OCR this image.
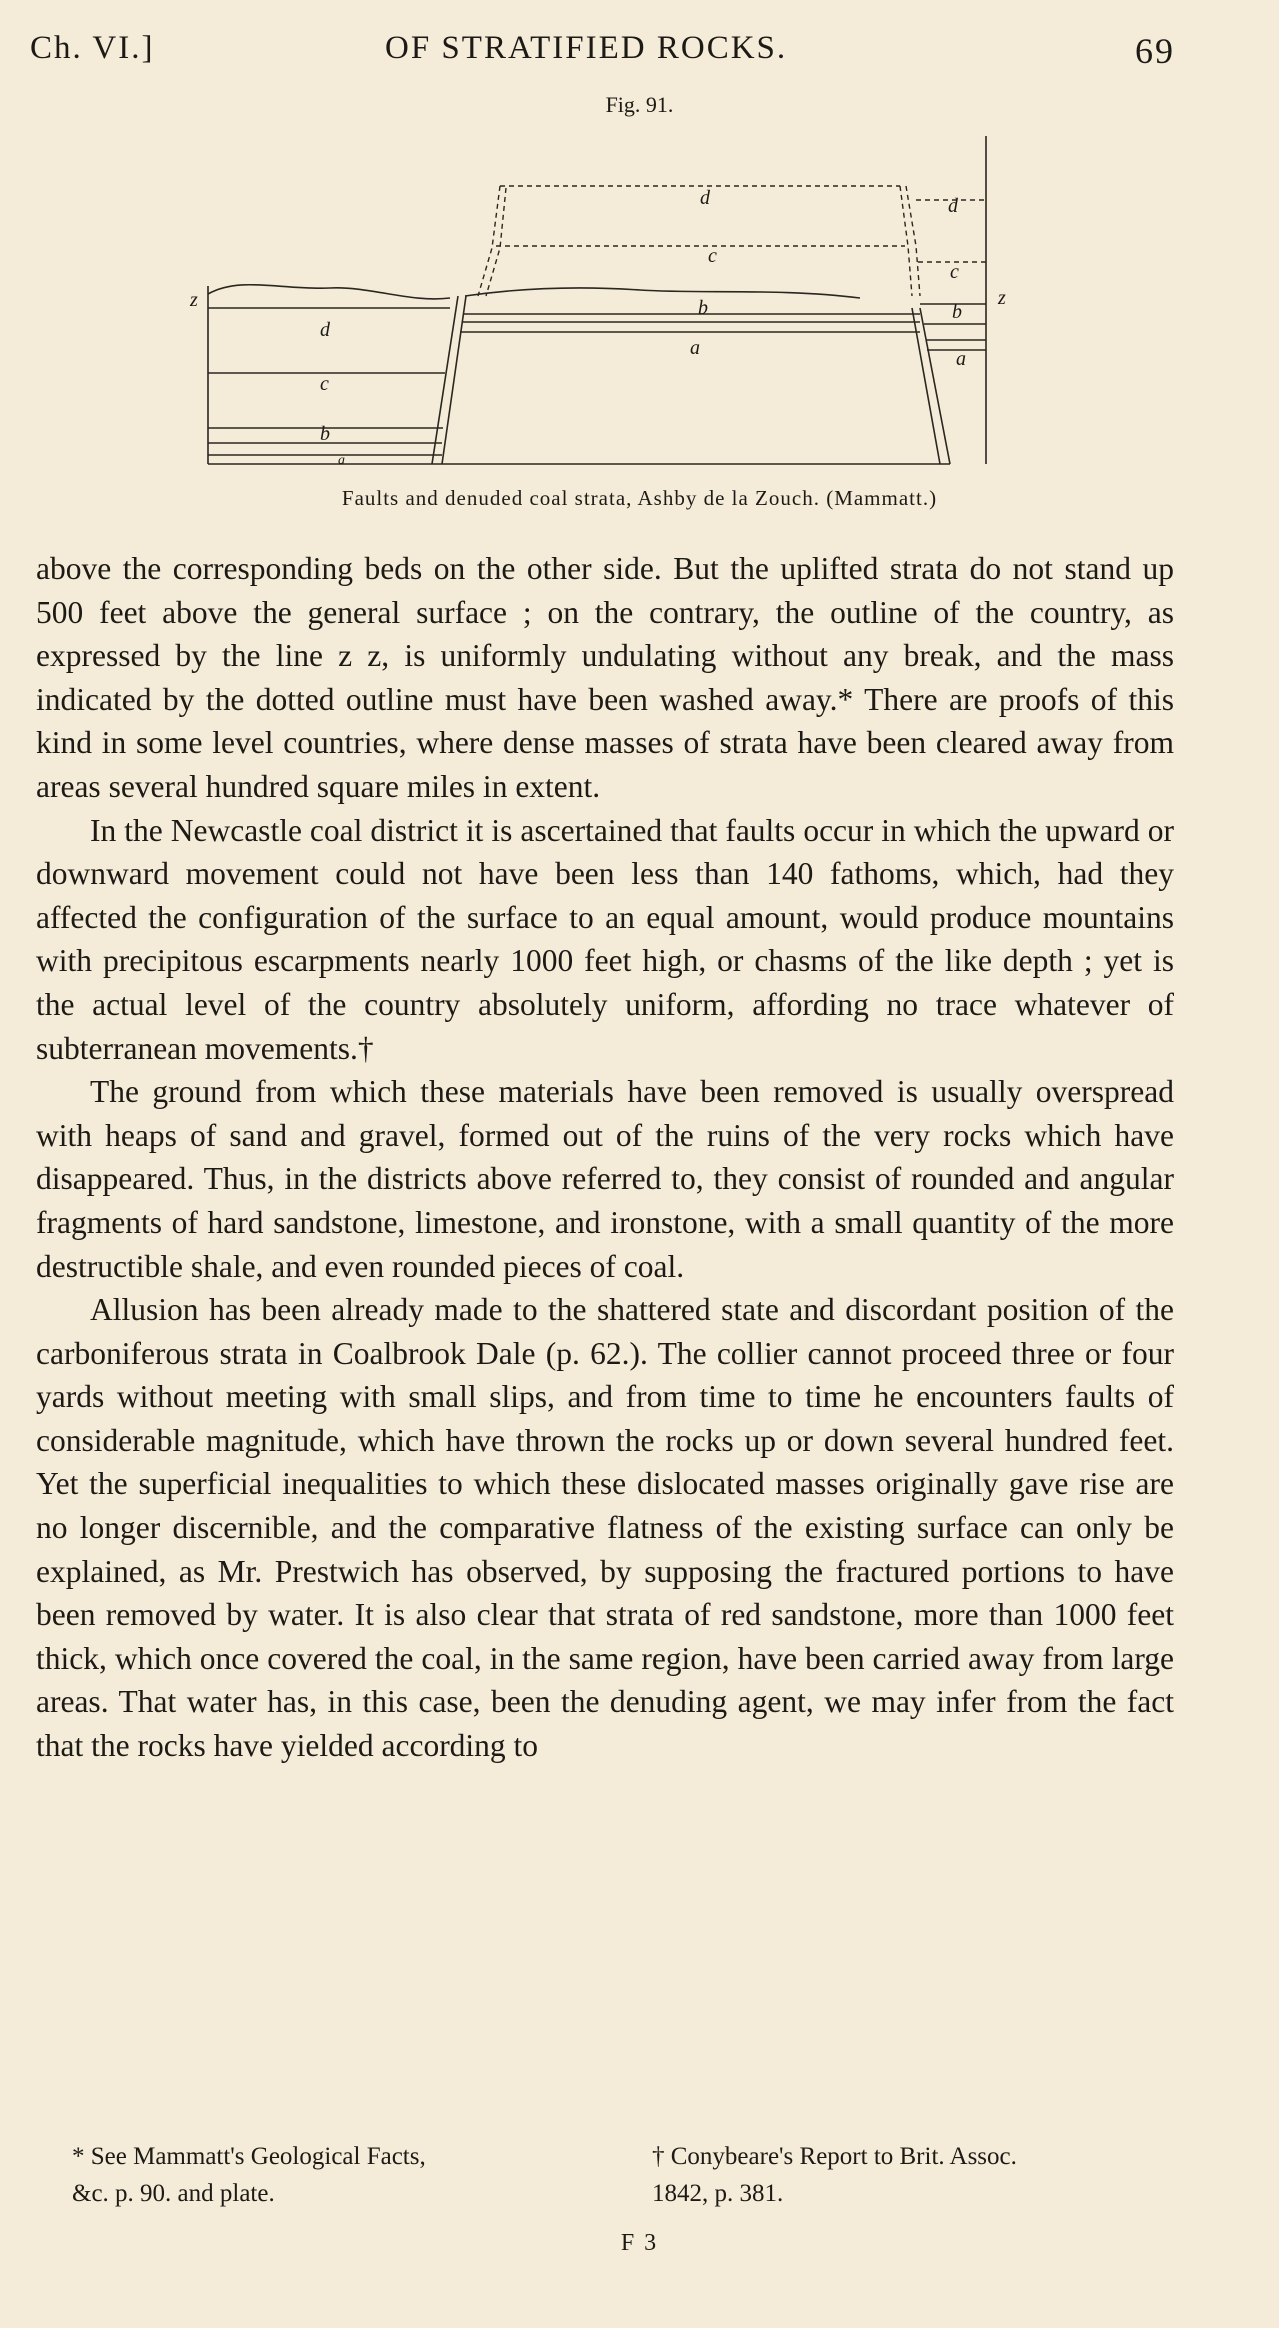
Ch. VI.]	OF STRATIFIED ROCKS.	69
Fig. 91.
z	z
d
c
b
a
d
c
b
a
d
c
b
a
Faults and denuded coal strata, Ashby de la Zouch. (Mammatt.)

above the corresponding beds on the other side. But the uplifted strata do not stand up 500 feet above the general surface ; on the contrary, the outline of the country, as expressed by the line z z, is uniformly undulating without any break, and the mass indicated by the dotted outline must have been washed away.* There are proofs of this kind in some level countries, where dense masses of strata have been cleared away from areas several hundred square miles in extent.

In the Newcastle coal district it is ascertained that faults occur in which the upward or downward movement could not have been less than 140 fathoms, which, had they affected the configuration of the surface to an equal amount, would produce mountains with precipitous escarpments nearly 1000 feet high, or chasms of the like depth ; yet is the actual level of the country absolutely uniform, affording no trace whatever of subterranean movements.†

The ground from which these materials have been removed is usually overspread with heaps of sand and gravel, formed out of the ruins of the very rocks which have disappeared. Thus, in the districts above referred to, they consist of rounded and angular fragments of hard sandstone, limestone, and ironstone, with a small quantity of the more destructible shale, and even rounded pieces of coal.

Allusion has been already made to the shattered state and discordant position of the carboniferous strata in Coalbrook Dale (p. 62.). The collier cannot proceed three or four yards without meeting with small slips, and from time to time he encounters faults of considerable magnitude, which have thrown the rocks up or down several hundred feet. Yet the superficial inequalities to which these dislocated masses originally gave rise are no longer discernible, and the comparative flatness of the existing surface can only be explained, as Mr. Prestwich has observed, by supposing the fractured portions to have been removed by water. It is also clear that strata of red sandstone, more than 1000 feet thick, which once covered the coal, in the same region, have been carried away from large areas. That water has, in this case, been the denuding agent, we may infer from the fact that the rocks have yielded according to

* See Mammatt's Geological Facts,
&c. p. 90. and plate.
† Conybeare's Report to Brit. Assoc.
1842, p. 381.
F 3
